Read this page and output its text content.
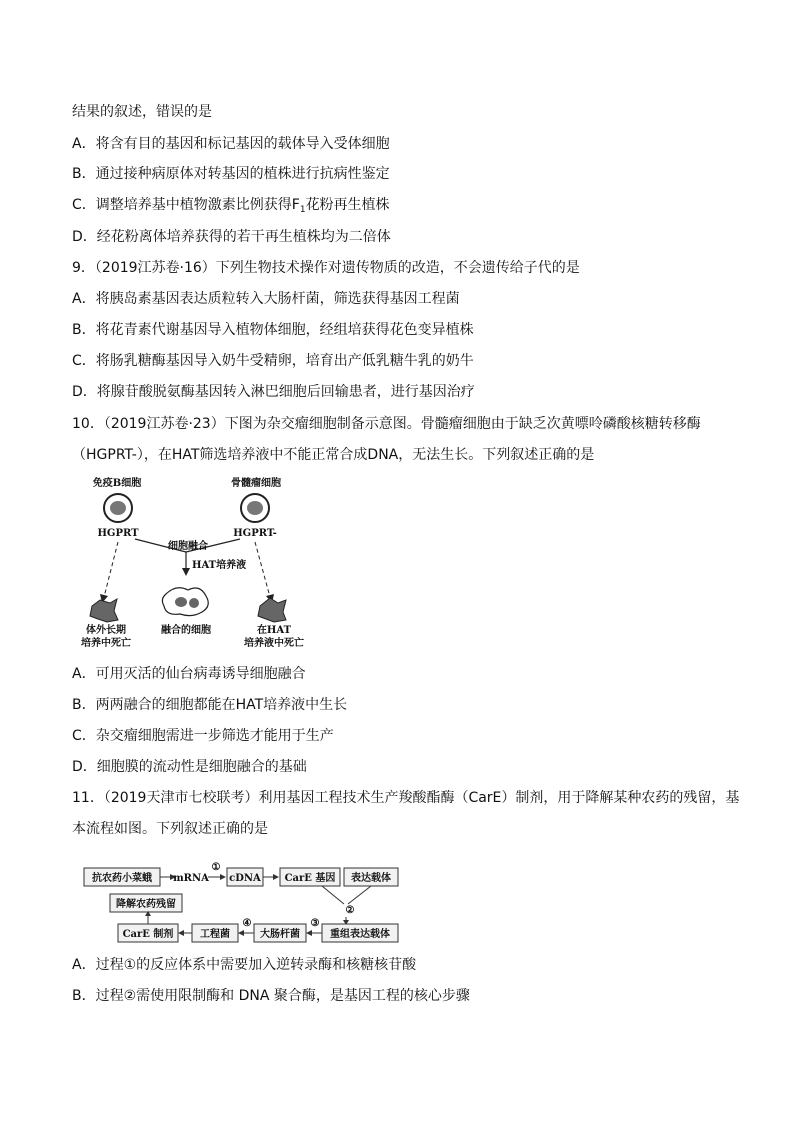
结果的叙述，错误的是
A．将含有目的基因和标记基因的载体导入受体细胞
B．通过接种病原体对转基因的植株进行抗病性鉴定
C．调整培养基中植物激素比例获得$F_1$花粉再生植株
D．经花粉离体培养获得的若干再生植株均为二倍体
9．（2019江苏卷·16）下列生物技术操作对遗传物质的改造，不会遗传给子代的是
A．将胰岛素基因表达质粒转入大肠杆菌，筛选获得基因工程菌
B．将花青素代谢基因导入植物体细胞，经组培获得花色变异植株
C．将肠乳糖酶基因导入奶牛受精卵，培育出产低乳糖牛乳的奶牛
D．将腺苷酸脱氨酶基因转入淋巴细胞后回输患者，进行基因治疗
10．（2019江苏卷·23）下图为杂交瘤细胞制备示意图。骨髓瘤细胞由于缺乏次黄嘌呤磷酸核糖转移酶
（HGPRT-），在HAT筛选培养液中不能正常合成DNA，无法生长。下列叙述正确的是
免疫B细胞	骨髓瘤细胞
HGPRT	HGPRT-
细胞融合
HAT培养液
体外长期
培养中死亡
融合的细胞	在HAT
培养液中死亡
A．可用灭活的仙台病毒诱导细胞融合
B．两两融合的细胞都能在HAT培养液中生长
C．杂交瘤细胞需进一步筛选才能用于生产
D．细胞膜的流动性是细胞融合的基础
11．（2019天津市七校联考）利用基因工程技术生产羧酸酯酶（CarE）制剂，用于降解某种农药的残留，基
本流程如图。下列叙述正确的是
抗农药小菜蛾 mRNA
①
cDNA CarE 基因 表达载体
②
降解农药残留
CarE 制剂	工程菌
④
大肠杆菌
③
重组表达载体
A．过程①的反应体系中需要加入逆转录酶和核糖核苷酸
B．过程②需使用限制酶和 DNA 聚合酶，是基因工程的核心步骤
